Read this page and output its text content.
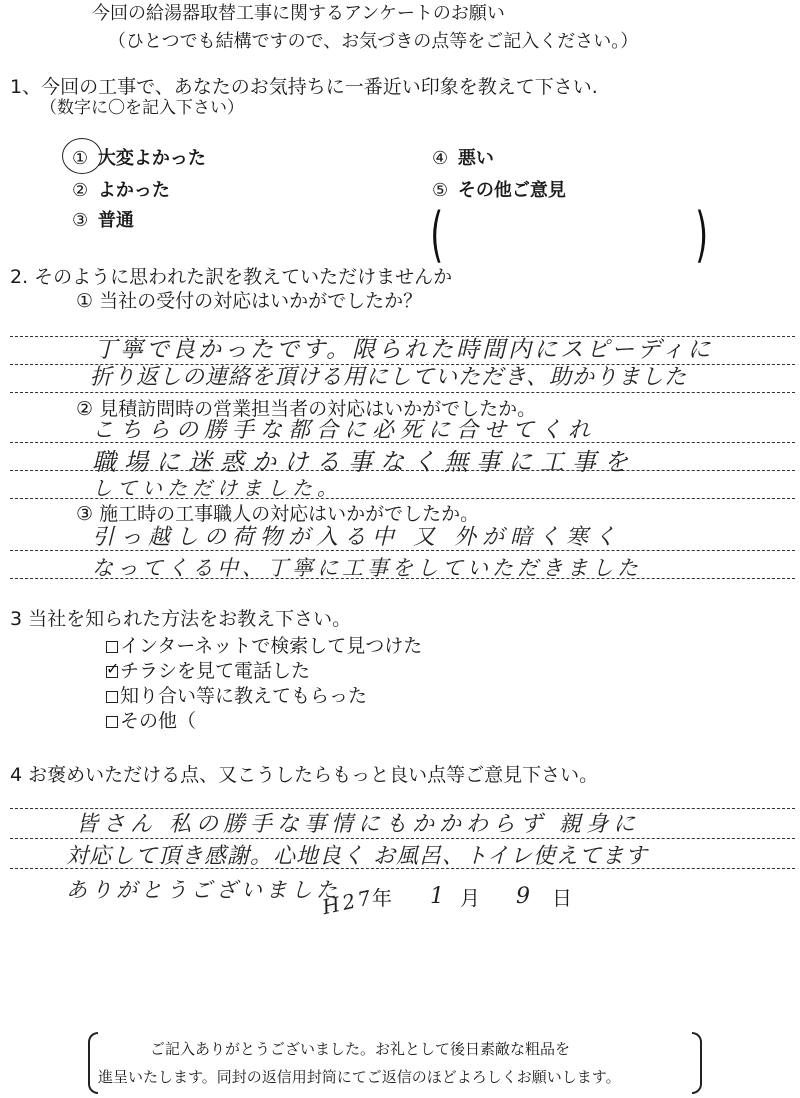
今回の給湯器取替工事に関するアンケートのお願い
（ひとつでも結構ですので、お気づきの点等をご記入ください。）
1、今回の工事で、あなたのお気持ちに一番近い印象を教えて下さい.
（数字に〇を記入下さい）
① 大変よかった
② よかった
③ 普通
④ 悪い
⑤ その他ご意見
(	)
2. そのように思われた訳を教えていただけませんか
① 当社の受付の対応はいかがでしたか？
丁寧で良かったです。限られた時間内にスピーディに
折り返しの連絡を頂ける用にしていただき、助かりました
② 見積訪問時の営業担当者の対応はいかがでしたか。
こちらの勝手な都合に必死に合せてくれ
職場に迷惑かける事なく無事に工事を
していただけました。
③ 施工時の工事職人の対応はいかがでしたか。
引っ越しの荷物が入る中 又 外が暗く寒く
なってくる中、丁寧に工事をしていただきました
3 当社を知られた方法をお教え下さい。
インターネットで検索して見つけた
✓ チラシを見て電話した
知り合い等に教えてもらった
その他（
4 お褒めいただける点、又こうしたらもっと良い点等ご意見下さい。
皆さん 私の勝手な事情にもかかわらず 親身に
対応して頂き感謝。心地良く お風呂、トイレ使えてます
ありがとうございました
H27
年 1 月 9 日
ご記入ありがとうございました。お礼として後日素敵な粗品を
進呈いたします。同封の返信用封筒にてご返信のほどよろしくお願いします。
